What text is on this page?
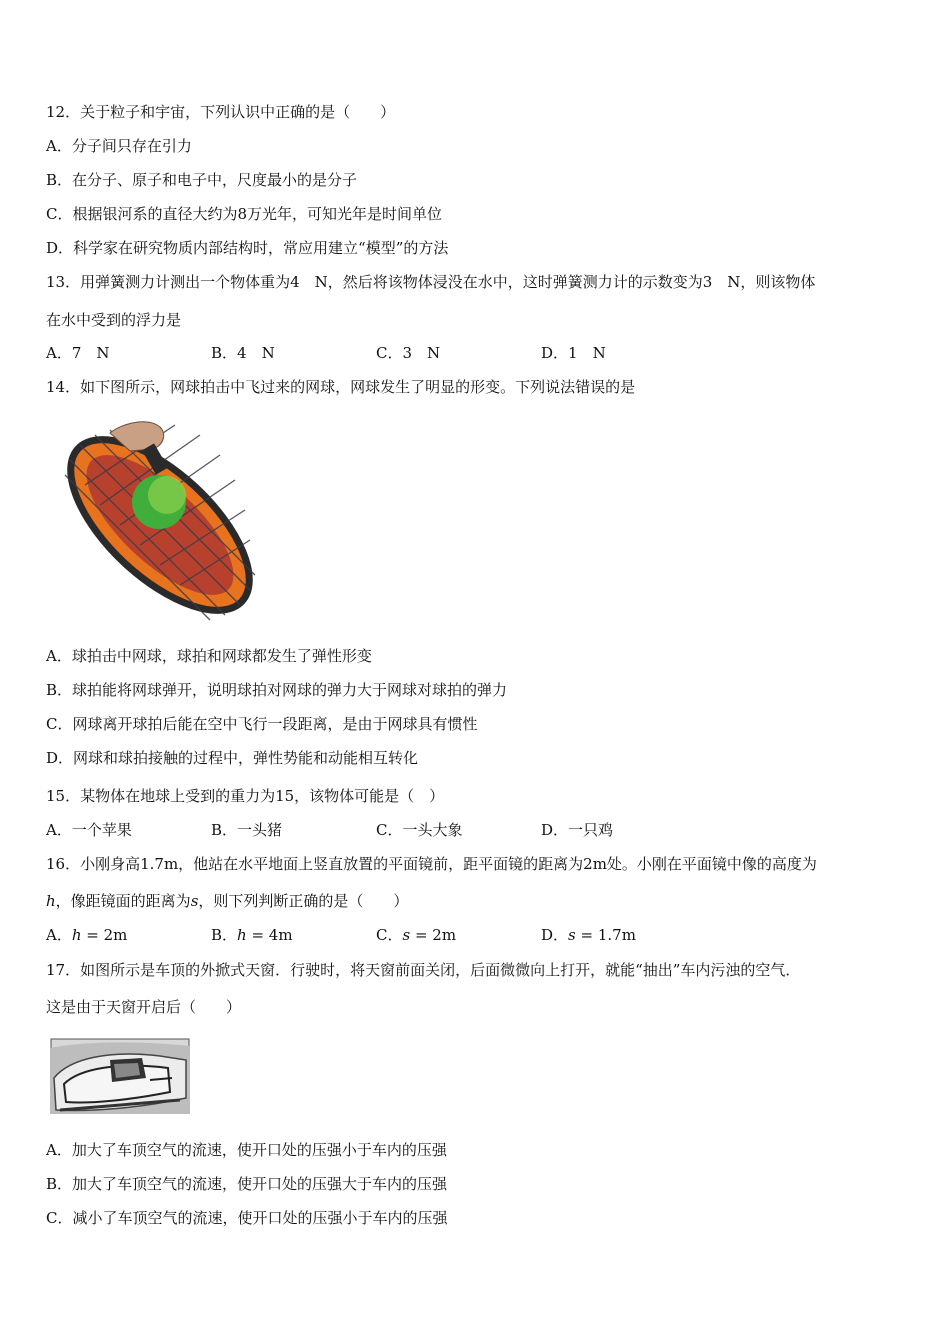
12．关于粒子和宇宙，下列认识中正确的是（　　）
A．分子间只存在引力
B．在分子、原子和电子中，尺度最小的是分子
C．根据银河系的直径大约为8万光年，可知光年是时间单位
D．科学家在研究物质内部结构时，常应用建立“模型”的方法
13．用弹簧测力计测出一个物体重为4　N，然后将该物体浸没在水中，这时弹簧测力计的示数变为3　N，则该物体
在水中受到的浮力是
A．7　N	B．4　N	C．3　N	D．1　N
14．如下图所示，网球拍击中飞过来的网球，网球发生了明显的形变。下列说法错误的是
A．球拍击中网球，球拍和网球都发生了弹性形变
B．球拍能将网球弹开，说明球拍对网球的弹力大于网球对球拍的弹力
C．网球离开球拍后能在空中飞行一段距离，是由于网球具有惯性
D．网球和球拍接触的过程中，弹性势能和动能相互转化
15．某物体在地球上受到的重力为15，该物体可能是（　）
A．一个苹果	B．一头猪	C．一头大象	D．一只鸡
16．小刚身高1.7m，他站在水平地面上竖直放置的平面镜前，距平面镜的距离为2m处。小刚在平面镜中像的高度为
h，像距镜面的距离为s，则下列判断正确的是（　　）
A．h = 2m	B．h = 4m	C．s = 2m	D．s = 1.7m
17．如图所示是车顶的外掀式天窗．行驶时，将天窗前面关闭，后面微微向上打开，就能“抽出”车内污浊的空气．
这是由于天窗开启后（　　）
A．加大了车顶空气的流速，使开口处的压强小于车内的压强
B．加大了车顶空气的流速，使开口处的压强大于车内的压强
C．减小了车顶空气的流速，使开口处的压强小于车内的压强
